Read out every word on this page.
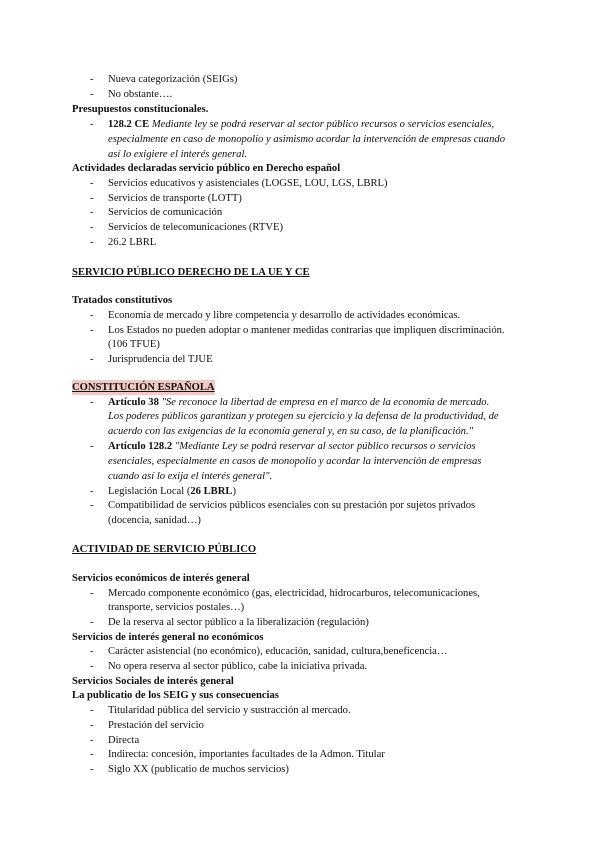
- Nueva categorización (SEIGs)
- No obstante….
Presupuestos constitucionales.
- 128.2 CE Mediante ley se podrá reservar al sector público recursos o servicios esenciales,
especialmente en caso de monopolio y asimismo acordar la intervención de empresas cuando
así lo exigiere el interés general.
Actividades declaradas servicio público en Derecho español
- Servicios educativos y asistenciales (LOGSE, LOU, LGS, LBRL)
- Servicios de transporte (LOTT)
- Servicios de comunicación
- Servicios de telecomunicaciones (RTVE)
- 26.2 LBRL
SERVICIO PÚBLICO DERECHO DE LA UE Y CE
Tratados constitutivos
- Economía de mercado y libre competencia y desarrollo de actividades económicas.
- Los Estados no pueden adoptar o mantener medidas contrarias que impliquen discriminación.
(106 TFUE)
- Jurisprudencia del TJUE
CONSTITUCIÓN ESPAÑOLA
- Artículo 38 "Se reconoce la libertad de empresa en el marco de la economía de mercado.
Los poderes públicos garantizan y protegen su ejercicio y la defensa de la productividad, de
acuerdo con las exigencias de la economía general y, en su caso, de la planificación."
- Artículo 128.2 "Mediante Ley se podrá reservar al sector público recursos o servicios
esenciales, especialmente en casos de monopolio y acordar la intervención de empresas
cuando así lo exija el interés general".
- Legislación Local (26 LBRL)
- Compatibilidad de servicios públicos esenciales con su prestación por sujetos privados
(docencia, sanidad…)
ACTIVIDAD DE SERVICIO PÚBLICO
Servicios económicos de interés general
- Mercado componente económico (gas, electricidad, hidrocarburos, telecomunicaciones,
transporte, servicios postales…)
- De la reserva al sector público a la liberalización (regulación)
Servicios de interés general no económicos
- Carácter asistencial (no económico), educación, sanidad, cultura,beneficencia…
- No opera reserva al sector público, cabe la iniciativa privada.
Servicios Sociales de interés general
La publicatio de los SEIG y sus consecuencias
- Titularidad pública del servicio y sustracción al mercado.
- Prestación del servicio
- Directa
- Indirecta: concesión, importantes facultades de la Admon. Titular
- Siglo XX (publicatio de muchos servicios)
